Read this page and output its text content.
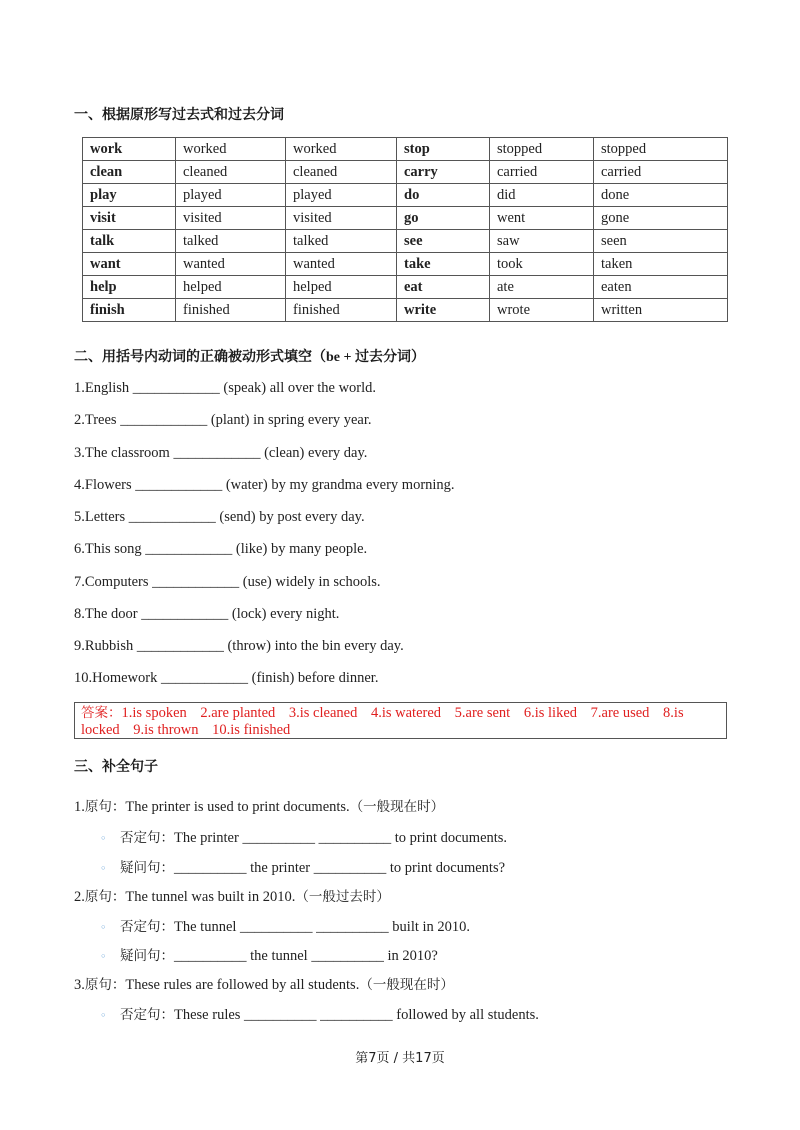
一、根据原形写过去式和过去分词
work	worked	worked	stop	stopped	stopped
clean	cleaned	cleaned	carry	carried	carried
play	played	played	do	did	done
visit	visited	visited	go	went	gone
talk	talked	talked	see	saw	seen
want	wanted	wanted	take	took	taken
help	helped	helped	eat	ate	eaten
finish	finished	finished	write	wrote	written
二、用括号内动词的正确被动形式填空（be + 过去分词）
1.English ____________ (speak) all over the world.
2.Trees ____________ (plant) in spring every year.
3.The classroom ____________ (clean) every day.
4.Flowers ____________ (water) by my grandma every morning.
5.Letters ____________ (send) by post every day.
6.This song ____________ (like) by many people.
7.Computers ____________ (use) widely in schools.
8.The door ____________ (lock) every night.
9.Rubbish ____________ (throw) into the bin every day.
10.Homework ____________ (finish) before dinner.
答案：1.is spoken 2.are planted 3.is cleaned 4.is watered 5.are sent 6.is liked 7.are used 8.is locked 9.is thrown 10.is finished
三、补全句子
1.原句：The printer is used to print documents.（一般现在时）
◦ 否定句：The printer __________ __________ to print documents.
◦ 疑问句：__________ the printer __________ to print documents?
2.原句：The tunnel was built in 2010.（一般过去时）
◦ 否定句：The tunnel __________ __________ built in 2010.
◦ 疑问句：__________ the tunnel __________ in 2010?
3.原句：These rules are followed by all students.（一般现在时）
◦ 否定句：These rules __________ __________ followed by all students.
第7页 / 共17页
